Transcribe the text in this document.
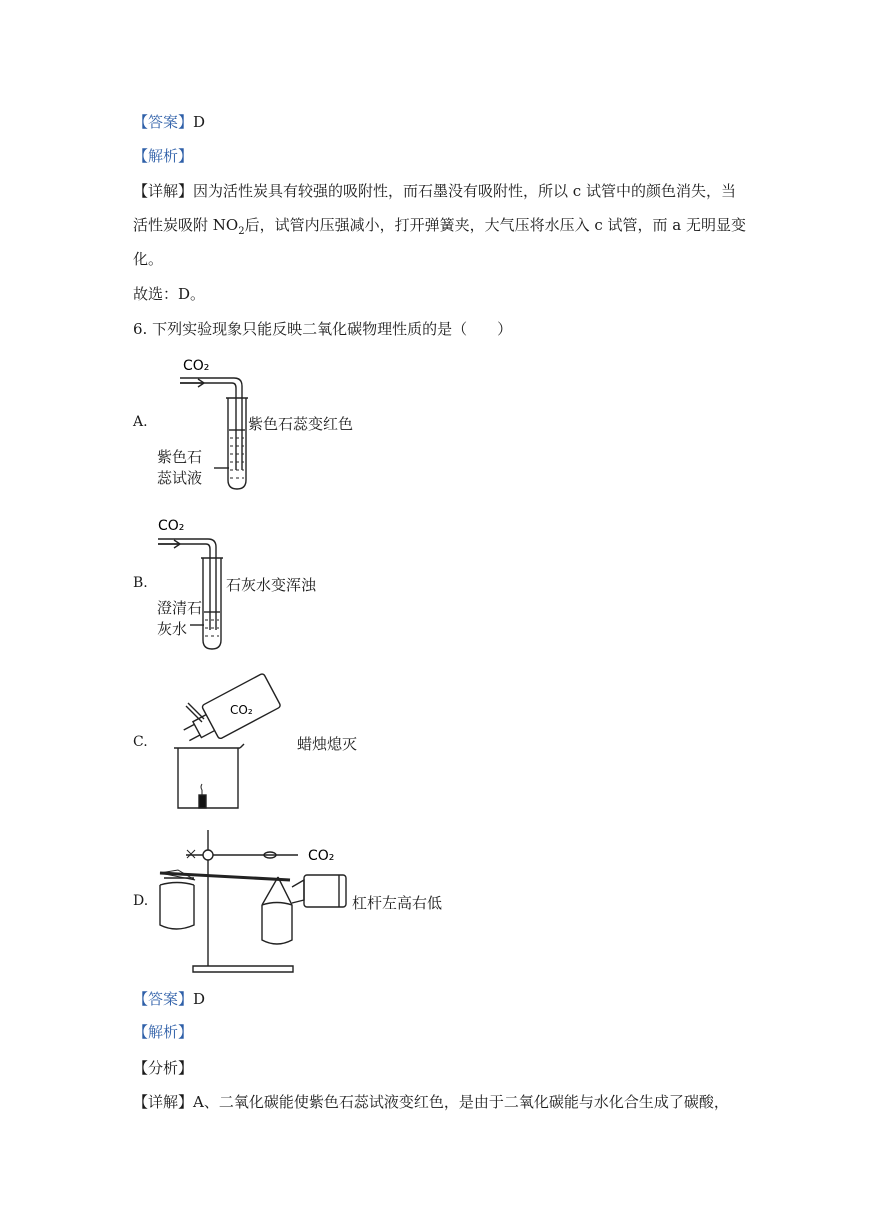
【答案】D
【解析】
【详解】因为活性炭具有较强的吸附性，而石墨没有吸附性，所以 c 试管中的颜色消失，当
活性炭吸附 $NO_2$后，试管内压强减小，打开弹簧夹，大气压将水压入 c 试管，而 a 无明显变
化。
故选：D。
6. 下列实验现象只能反映二氧化碳物理性质的是（　　）
A.
B.
C.
D.
CO₂
CO₂
CO₂
CO₂
紫色石
蕊试液
澄清石
灰水
紫色石蕊变红色
石灰水变浑浊
蜡烛熄灭
杠杆左高右低
【答案】D
【解析】
【分析】
【详解】A、二氧化碳能使紫色石蕊试液变红色，是由于二氧化碳能与水化合生成了碳酸，
